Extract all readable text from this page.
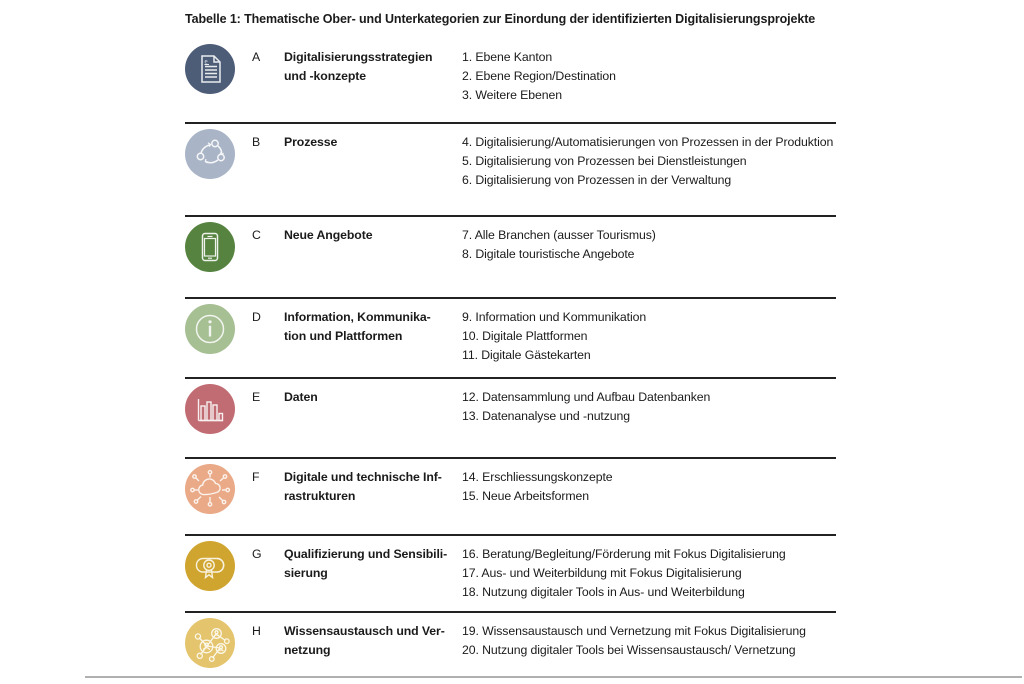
Tabelle 1: Thematische Ober- und Unterkategorien zur Einordung der identifizierten Digitalisierungsprojekte
e	A	Digitalisierungsstrategien
und -konzepte
1. Ebene Kanton
2. Ebene Region/Destination
3. Weitere Ebenen
B	Prozesse	4. Digitalisierung/Automatisierungen von Prozessen in der Produktion
5. Digitalisierung von Prozessen bei Dienstleistungen
6. Digitalisierung von Prozessen in der Verwaltung
C	Neue Angebote	7. Alle Branchen (ausser Tourismus)
8. Digitale touristische Angebote
D	Information, Kommunika-
tion und Plattformen
9. Information und Kommunikation
10. Digitale Plattformen
11. Digitale Gästekarten
E	Daten	12. Datensammlung und Aufbau Datenbanken
13. Datenanalyse und -nutzung
F	Digitale und technische Inf-
rastrukturen
14. Erschliessungskonzepte
15. Neue Arbeitsformen
G	Qualifizierung und Sensibili-
sierung
16. Beratung/Begleitung/Förderung mit Fokus Digitalisierung
17. Aus- und Weiterbildung mit Fokus Digitalisierung
18. Nutzung digitaler Tools in Aus- und Weiterbildung
H	Wissensaustausch und Ver-
netzung
19. Wissensaustausch und Vernetzung mit Fokus Digitalisierung
20. Nutzung digitaler Tools bei Wissensaustausch/ Vernetzung
